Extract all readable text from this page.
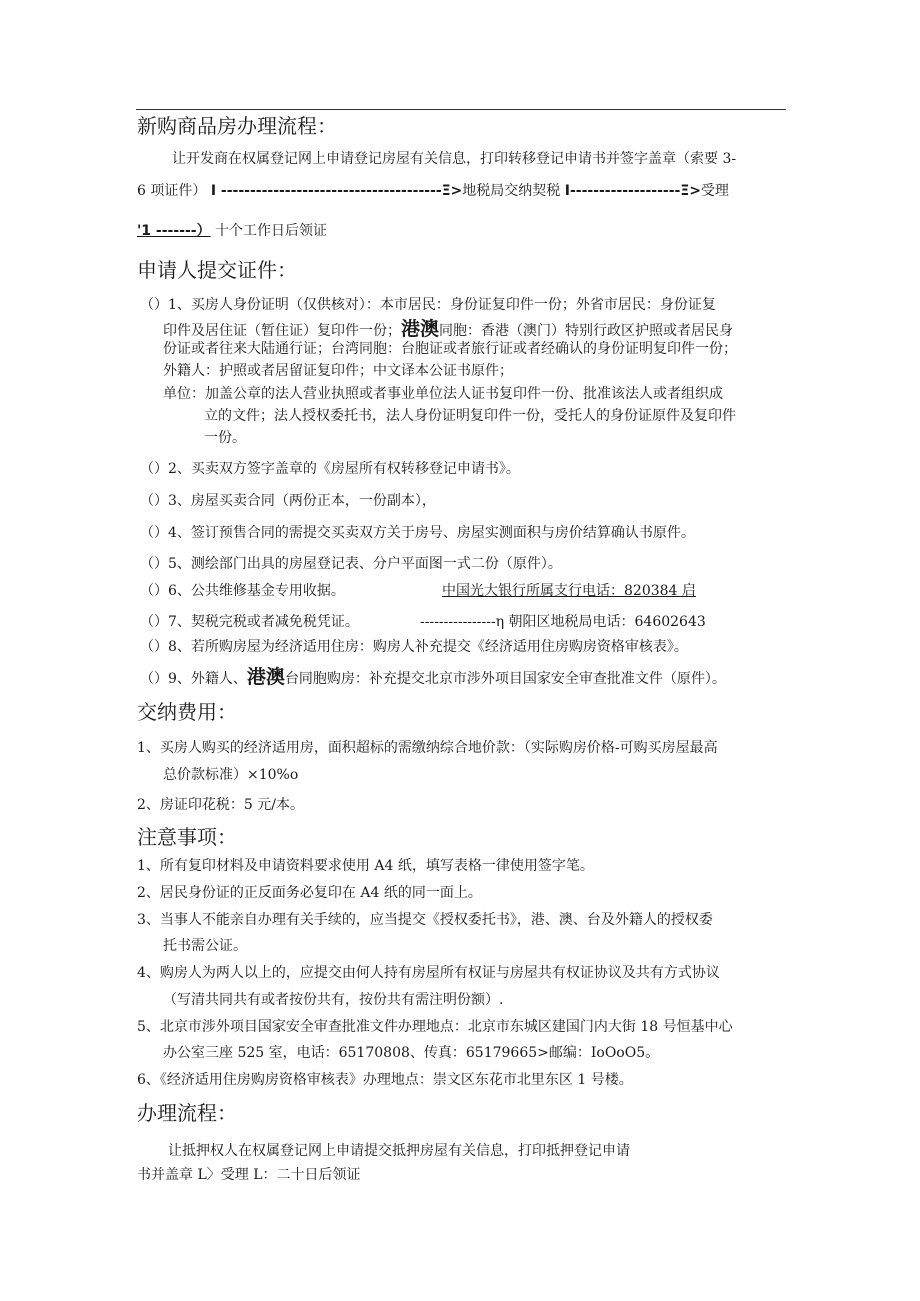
新购商品房办理流程：
让开发商在权属登记网上申请登记房屋有关信息，打印转移登记申请书并签字盖章（索要 3-
6 项证件） I --------------------------------------Ξ>地税局交纳契税 I-------------------Ξ>受理
'1 -------） 十个工作日后领证
申请人提交证件：
（）1、买房人身份证明（仅供核对）：本市居民：身份证复印件一份；外省市居民：身份证复
印件及居住证（暂住证）复印件一份；港澳同胞：香港（澳门）特别行政区护照或者居民身
份证或者往来大陆通行证；台湾同胞：台胞证或者旅行证或者经确认的身份证明复印件一份；
外籍人：护照或者居留证复印件；中文译本公证书原件；
单位：加盖公章的法人营业执照或者事业单位法人证书复印件一份、批准该法人或者组织成
立的文件；法人授权委托书，法人身份证明复印件一份，受托人的身份证原件及复印件
一份。
（）2、买卖双方签字盖章的《房屋所有权转移登记申请书》。
（）3、房屋买卖合同（两份正本，一份副本），
（）4、签订预售合同的需提交买卖双方关于房号、房屋实测面积与房价结算确认书原件。
（）5、测绘部门出具的房屋登记表、分户平面图一式二份（原件）。
（）6、公共维修基金专用收据。	中国光大银行所属支行电话：820384 启
（）7、契税完税或者减免税凭证。	----------------η 朝阳区地税局电话：64602643
（）8、若所购房屋为经济适用住房：购房人补充提交《经济适用住房购房资格审核表》。
（）9、外籍人、港澳台同胞购房：补充提交北京市涉外项目国家安全审查批准文件（原件）。
交纳费用：
1、买房人购买的经济适用房，面积超标的需缴纳综合地价款：（实际购房价格-可购买房屋最高
总价款标准）×10%o
2、房证印花税：5 元/本。
注意事项：
1、所有复印材料及申请资料要求使用 A4 纸，填写表格一律使用签字笔。
2、居民身份证的正反面务必复印在 A4 纸的同一面上。
3、当事人不能亲自办理有关手续的，应当提交《授权委托书》，港、澳、台及外籍人的授权委
托书需公证。
4、购房人为两人以上的，应提交由何人持有房屋所有权证与房屋共有权证协议及共有方式协议
（写清共同共有或者按份共有，按份共有需注明份额）.
5、北京市涉外项目国家安全审查批准文件办理地点：北京市东城区建国门内大街 18 号恒基中心
办公室三座 525 室，电话：65170808、传真：65179665>邮编：IoOoO5。
6、《经济适用住房购房资格审核表》办理地点：崇文区东花市北里东区 1 号楼。
办理流程：
让抵押权人在权属登记网上申请提交抵押房屋有关信息，打印抵押登记申请
书并盖章 L〉受理 L：二十日后领证
